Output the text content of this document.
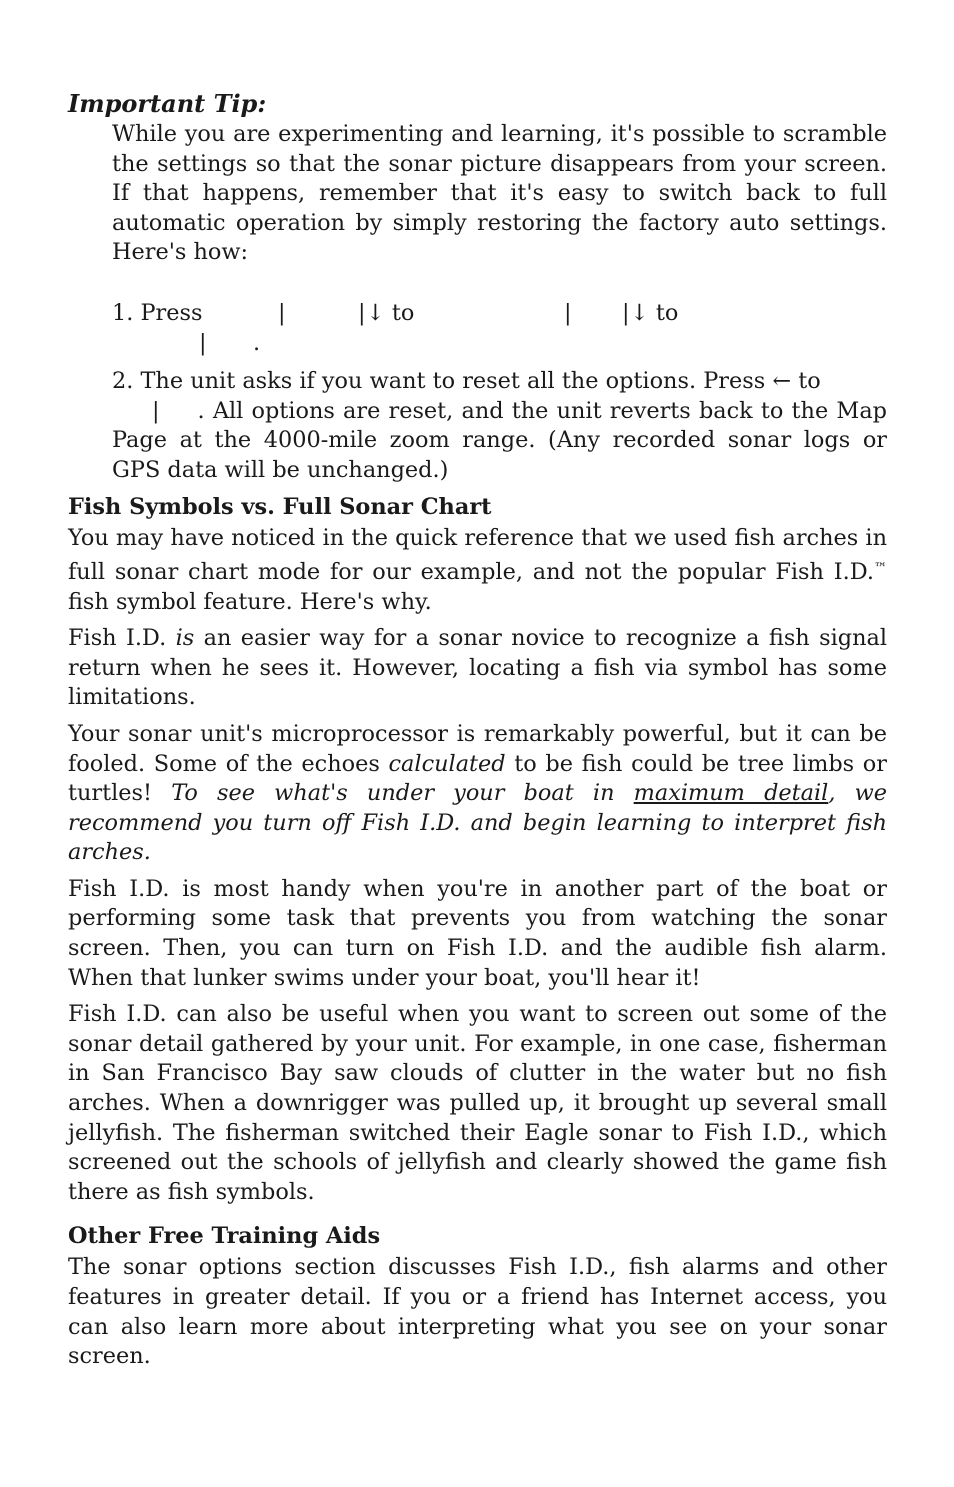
Important Tip:

While you are experimenting and learning, it's possible to scramble the settings so that the sonar picture disappears from your screen. If that happens, remember that it's easy to switch back to full automatic operation by simply restoring the factory auto settings. Here's how:

1. Press	|	| ↓ to	| | ↓ to
| .

2. The unit asks if you want to reset all the options. Press ← to
| . All options are reset, and the unit reverts back to the Map Page at the 4000-mile zoom range. (Any recorded sonar logs or GPS data will be unchanged.)

Fish Symbols vs. Full Sonar Chart

You may have noticed in the quick reference that we used fish arches in full sonar chart mode for our example, and not the popular Fish I.D.™ fish symbol feature. Here's why.

Fish I.D. is an easier way for a sonar novice to recognize a fish signal return when he sees it. However, locating a fish via symbol has some limitations.

Your sonar unit's microprocessor is remarkably powerful, but it can be fooled. Some of the echoes calculated to be fish could be tree limbs or turtles! To see what's under your boat in maximum detail, we recommend you turn off Fish I.D. and begin learning to interpret fish arches.

Fish I.D. is most handy when you're in another part of the boat or performing some task that prevents you from watching the sonar screen. Then, you can turn on Fish I.D. and the audible fish alarm. When that lunker swims under your boat, you'll hear it!

Fish I.D. can also be useful when you want to screen out some of the sonar detail gathered by your unit. For example, in one case, fisherman in San Francisco Bay saw clouds of clutter in the water but no fish arches. When a downrigger was pulled up, it brought up several small jellyfish. The fisherman switched their Eagle sonar to Fish I.D., which screened out the schools of jellyfish and clearly showed the game fish there as fish symbols.

Other Free Training Aids

The sonar options section discusses Fish I.D., fish alarms and other features in greater detail. If you or a friend has Internet access, you can also learn more about interpreting what you see on your sonar screen.
